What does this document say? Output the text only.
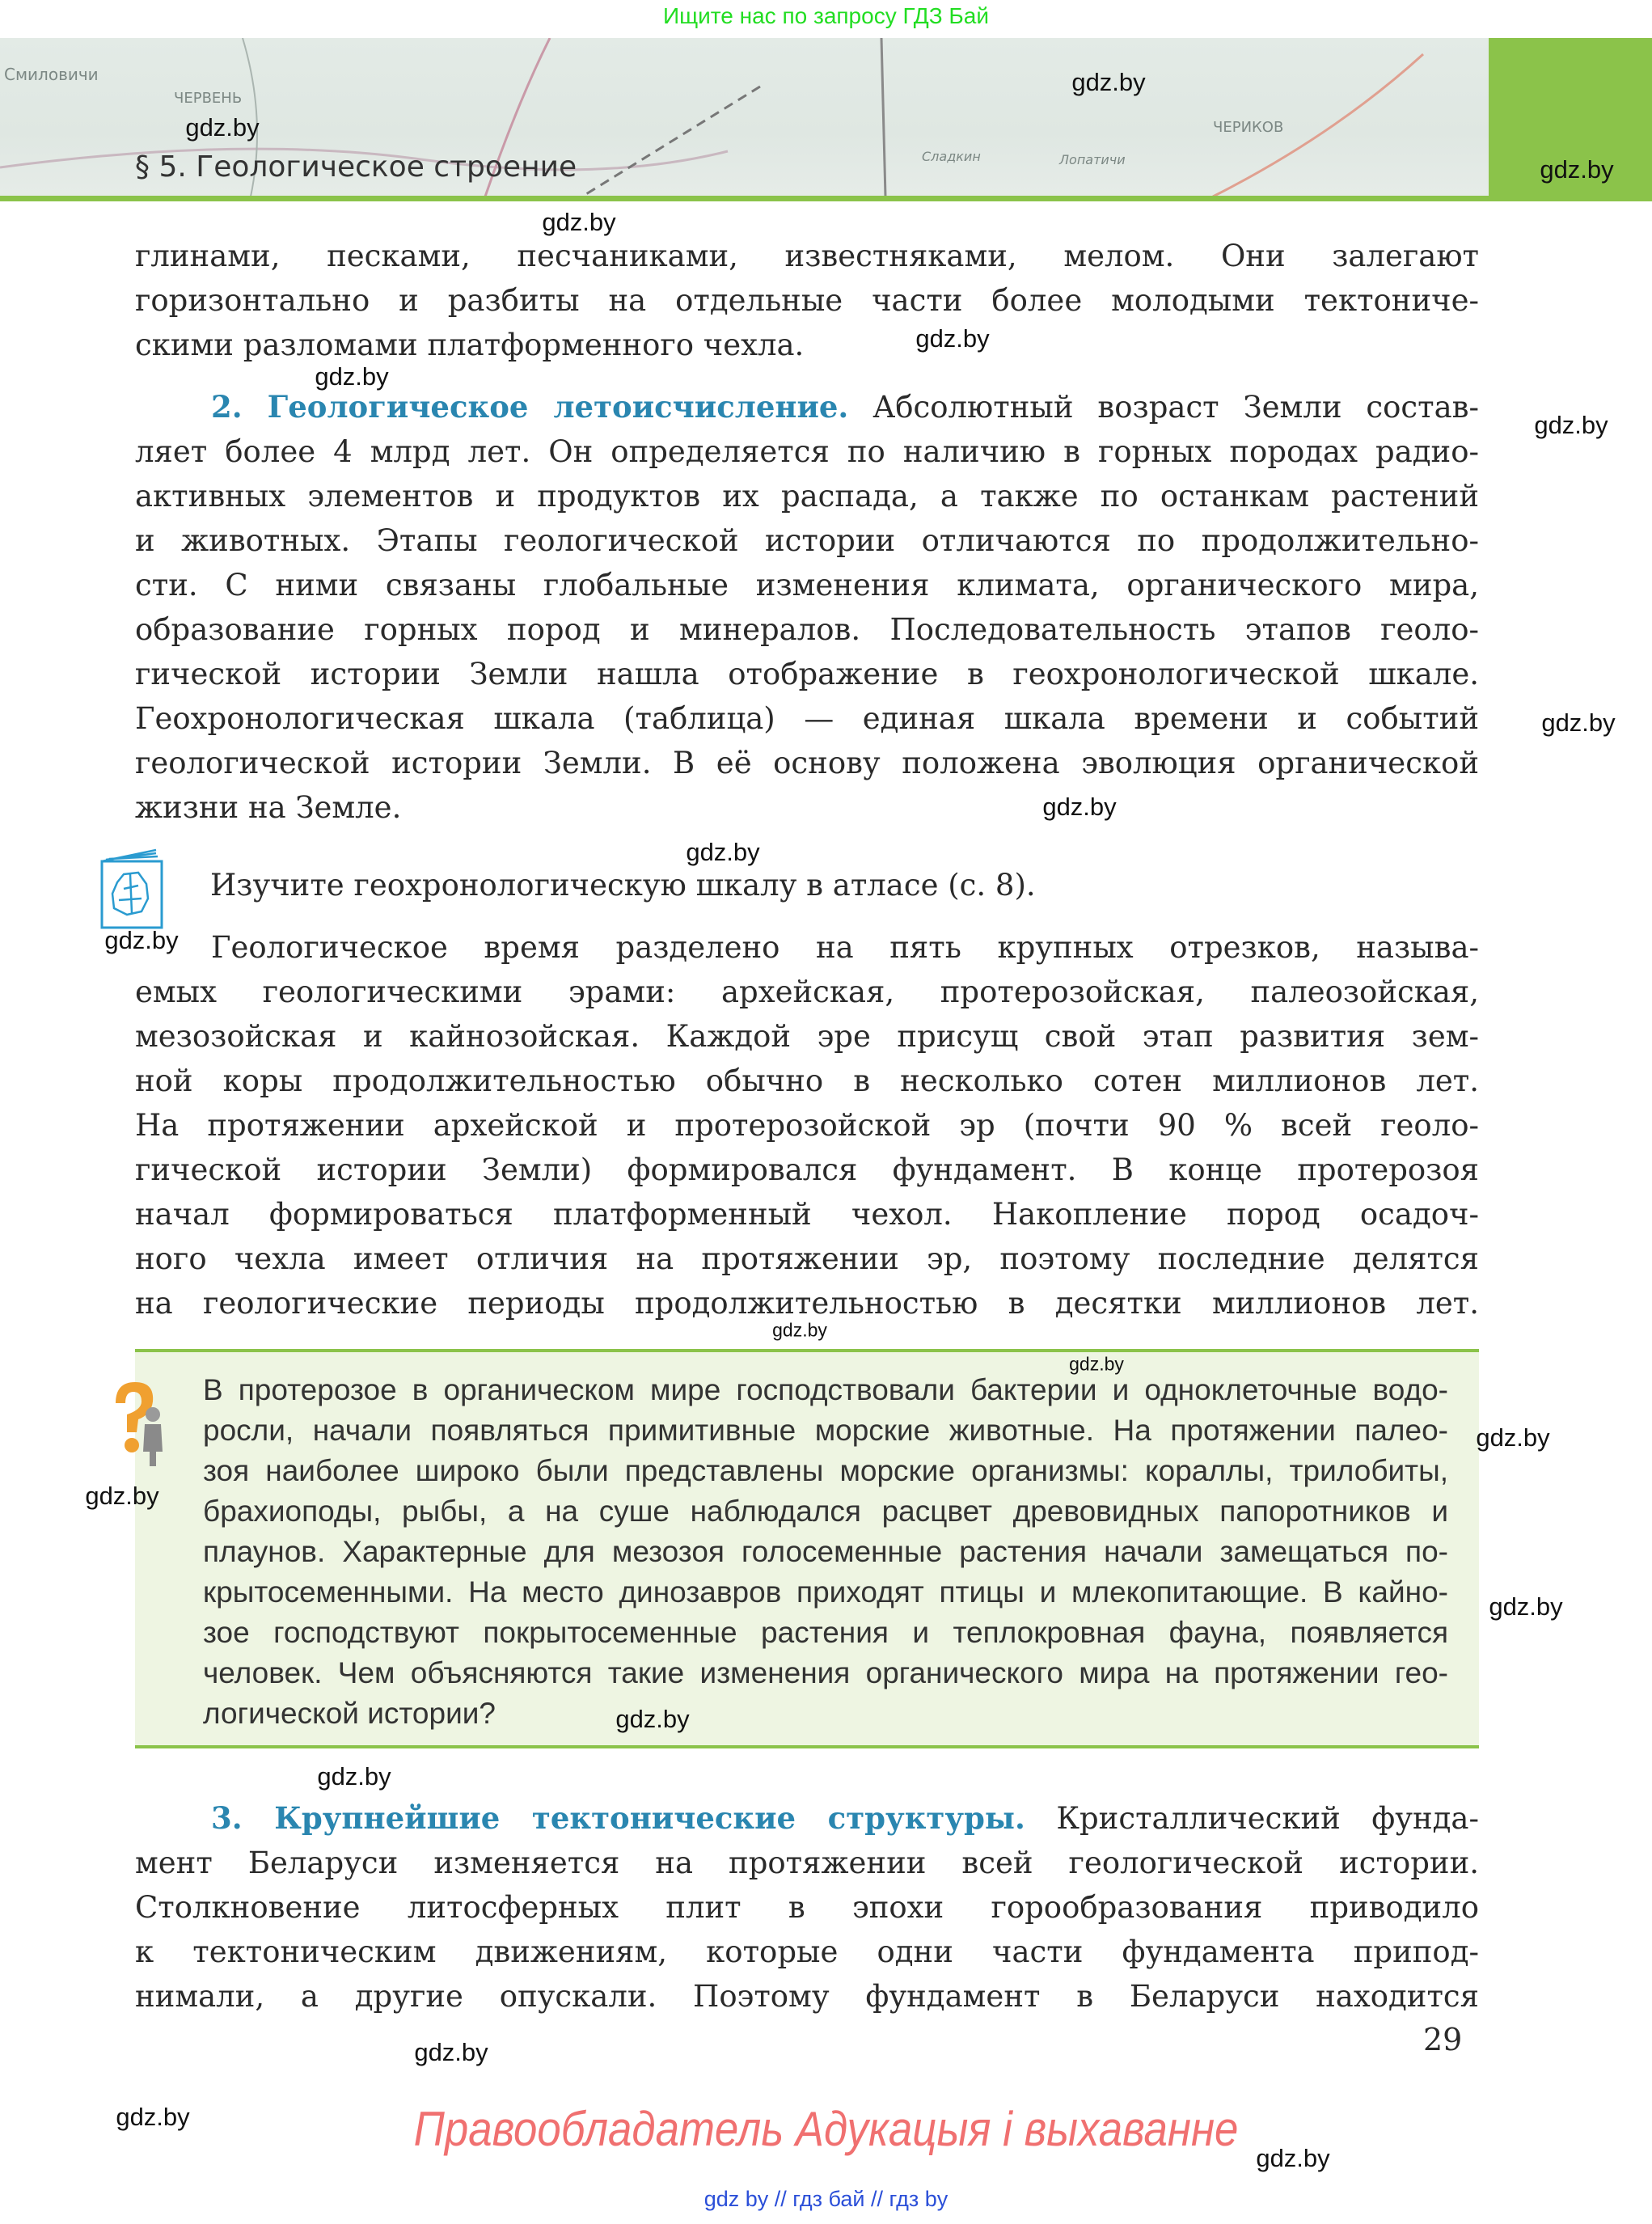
Ищите нас по запросу ГДЗ Бай
Смиловичи
ЧЕРВЕНЬ
ЧЕРИКОВ
Сладкин	Лопатичи
§ 5. Геологическое строение
глинами, песками, песчаниками, известняками, мелом. Они залегают
горизонтально и разбиты на отдельные части более молодыми тектониче-
скими разломами платформенного чехла.
2. Геологическое летоисчисление. Абсолютный возраст Земли состав-
ляет более 4 млрд лет. Он определяется по наличию в горных породах радио-
активных элементов и продуктов их распада, а также по останкам растений
и животных. Этапы геологической истории отличаются по продолжительно-
сти. С ними связаны глобальные изменения климата, органического мира,
образование горных пород и минералов. Последовательность этапов геоло-
гической истории Земли нашла отображение в геохронологической шкале.
Геохронологическая шкала (таблица) — единая шкала времени и событий
геологической истории Земли. В её основу положена эволюция органической
жизни на Земле.
Изучите геохронологическую шкалу в атласе (с. 8).
Геологическое время разделено на пять крупных отрезков, называ-
емых геологическими эрами: архейская, протерозойская, палеозойская,
мезозойская и кайнозойская. Каждой эре присущ свой этап развития зем-
ной коры продолжительностью обычно в несколько сотен миллионов лет.
На протяжении архейской и протерозойской эр (почти 90 % всей геоло-
гической истории Земли) формировался фундамент. В конце протерозоя
начал формироваться платформенный чехол. Накопление пород осадоч-
ного чехла имеет отличия на протяжении эр, поэтому последние делятся
на геологические периоды продолжительностью в десятки миллионов лет.
В протерозое в органическом мире господствовали бактерии и одноклеточные водо-
росли, начали появляться примитивные морские животные. На протяжении палео-
зоя наиболее широко были представлены морские организмы: кораллы, трилобиты,
брахиоподы, рыбы, а на суше наблюдался расцвет древовидных папоротников и
плаунов. Характерные для мезозоя голосеменные растения начали замещаться по-
крытосеменными. На место динозавров приходят птицы и млекопитающие. В кайно-
зое господствуют покрытосеменные растения и теплокровная фауна, появляется
человек. Чем объясняются такие изменения органического мира на протяжении гео-
логической истории?
3. Крупнейшие тектонические структуры. Кристаллический фунда-
мент Беларуси изменяется на протяжении всей геологической истории.
Столкновение литосферных плит в эпохи горообразования приводило
к тектоническим движениям, которые одни части фундамента припод-
нимали, а другие опускали. Поэтому фундамент в Беларуси находится
29
Правообладатель Адукацыя і выхаванне
gdz by // гдз бай // гдз by
gdz.by
gdz.by
gdz.by
gdz.by
gdz.by
gdz.by
gdz.by
gdz.by
gdz.by
gdz.by
gdz.by
gdz.by
gdz.by
gdz.by
gdz.by
gdz.by
gdz.by
gdz.by
gdz.by
gdz.by
gdz.by
